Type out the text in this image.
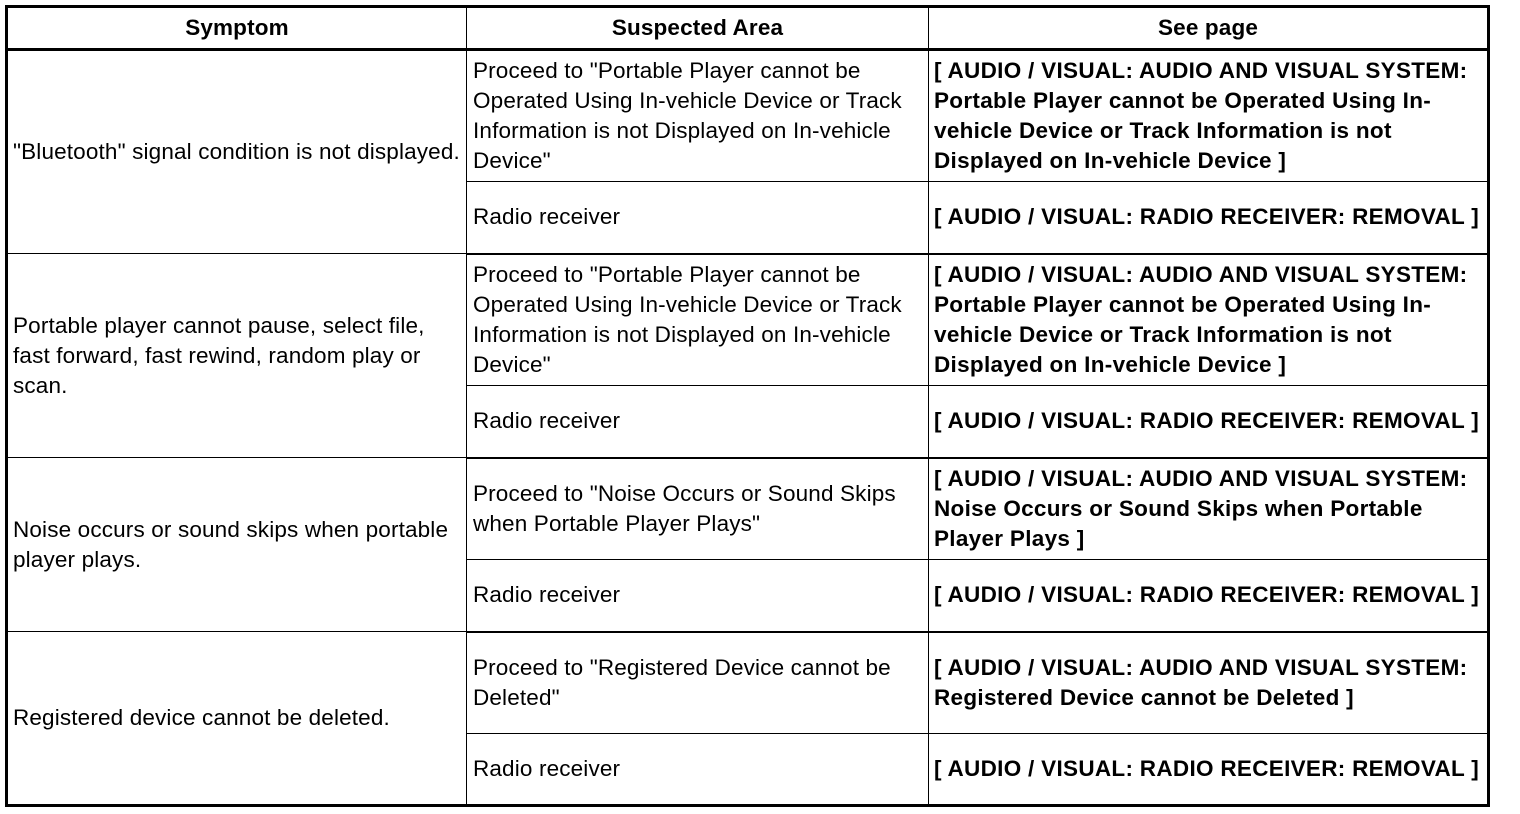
Symptom	Suspected Area	See page
"Bluetooth" signal condition is not displayed.	Proceed to "Portable Player cannot be Operated Using In-vehicle Device or Track Information is not Displayed on In-vehicle Device"	[ AUDIO / VISUAL: AUDIO AND VISUAL SYSTEM: Portable Player cannot be Operated Using In-vehicle Device or Track Information is not Displayed on In-vehicle Device ]
	Radio receiver	[ AUDIO / VISUAL: RADIO RECEIVER: REMOVAL ]
Portable player cannot pause, select file, fast forward, fast rewind, random play or scan.	Proceed to "Portable Player cannot be Operated Using In-vehicle Device or Track Information is not Displayed on In-vehicle Device"	[ AUDIO / VISUAL: AUDIO AND VISUAL SYSTEM: Portable Player cannot be Operated Using In-vehicle Device or Track Information is not Displayed on In-vehicle Device ]
	Radio receiver	[ AUDIO / VISUAL: RADIO RECEIVER: REMOVAL ]
Noise occurs or sound skips when portable player plays.	Proceed to "Noise Occurs or Sound Skips when Portable Player Plays"	[ AUDIO / VISUAL: AUDIO AND VISUAL SYSTEM: Noise Occurs or Sound Skips when Portable Player Plays ]
	Radio receiver	[ AUDIO / VISUAL: RADIO RECEIVER: REMOVAL ]
Registered device cannot be deleted.	Proceed to "Registered Device cannot be Deleted"	[ AUDIO / VISUAL: AUDIO AND VISUAL SYSTEM: Registered Device cannot be Deleted ]
	Radio receiver	[ AUDIO / VISUAL: RADIO RECEIVER: REMOVAL ]
